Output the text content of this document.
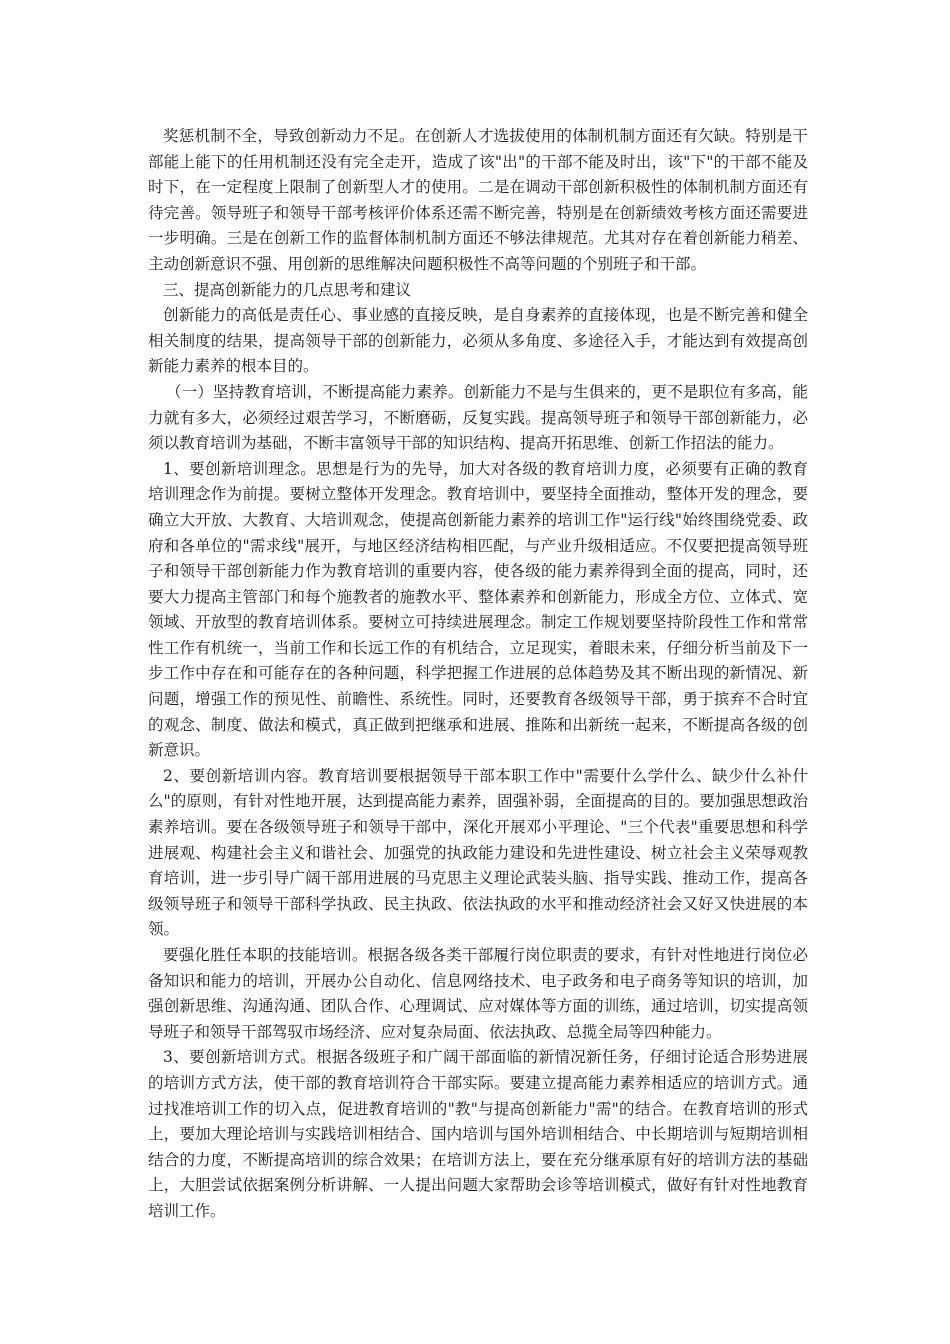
奖惩机制不全，导致创新动力不足。在创新人才选拔使用的体制机制方面还有欠缺。特别是干部能上能下的任用机制还没有完全走开，造成了该"出"的干部不能及时出，该"下"的干部不能及时下，在一定程度上限制了创新型人才的使用。二是在调动干部创新积极性的体制机制方面还有待完善。领导班子和领导干部考核评价体系还需不断完善，特别是在创新绩效考核方面还需要进一步明确。三是在创新工作的监督体制机制方面还不够法律规范。尤其对存在着创新能力稍差、主动创新意识不强、用创新的思维解决问题积极性不高等问题的个别班子和干部。

三、提高创新能力的几点思考和建议

创新能力的高低是责任心、事业感的直接反映，是自身素养的直接体现，也是不断完善和健全相关制度的结果，提高领导干部的创新能力，必须从多角度、多途径入手，才能达到有效提高创新能力素养的根本目的。

（一）坚持教育培训，不断提高能力素养。创新能力不是与生俱来的，更不是职位有多高，能力就有多大，必须经过艰苦学习，不断磨砺，反复实践。提高领导班子和领导干部创新能力，必须以教育培训为基础，不断丰富领导干部的知识结构、提高开拓思维、创新工作招法的能力。

1、要创新培训理念。思想是行为的先导，加大对各级的教育培训力度，必须要有正确的教育培训理念作为前提。要树立整体开发理念。教育培训中，要坚持全面推动，整体开发的理念，要确立大开放、大教育、大培训观念，使提高创新能力素养的培训工作"运行线"始终围绕党委、政府和各单位的"需求线"展开，与地区经济结构相匹配，与产业升级相适应。不仅要把提高领导班子和领导干部创新能力作为教育培训的重要内容，使各级的能力素养得到全面的提高，同时，还要大力提高主管部门和每个施教者的施教水平、整体素养和创新能力，形成全方位、立体式、宽领域、开放型的教育培训体系。要树立可持续进展理念。制定工作规划要坚持阶段性工作和常常性工作有机统一，当前工作和长远工作的有机结合，立足现实，着眼未来，仔细分析当前及下一步工作中存在和可能存在的各种问题，科学把握工作进展的总体趋势及其不断出现的新情况、新问题，增强工作的预见性、前瞻性、系统性。同时，还要教育各级领导干部，勇于摈弃不合时宜的观念、制度、做法和模式，真正做到把继承和进展、推陈和出新统一起来，不断提高各级的创新意识。

2、要创新培训内容。教育培训要根据领导干部本职工作中"需要什么学什么、缺少什么补什么"的原则，有针对性地开展，达到提高能力素养，固强补弱，全面提高的目的。要加强思想政治素养培训。要在各级领导班子和领导干部中，深化开展邓小平理论、"三个代表"重要思想和科学进展观、构建社会主义和谐社会、加强党的执政能力建设和先进性建设、树立社会主义荣辱观教育培训，进一步引导广阔干部用进展的马克思主义理论武装头脑、指导实践、推动工作，提高各级领导班子和领导干部科学执政、民主执政、依法执政的水平和推动经济社会又好又快进展的本领。

要强化胜任本职的技能培训。根据各级各类干部履行岗位职责的要求，有针对性地进行岗位必备知识和能力的培训，开展办公自动化、信息网络技术、电子政务和电子商务等知识的培训，加强创新思维、沟通沟通、团队合作、心理调试、应对媒体等方面的训练，通过培训，切实提高领导班子和领导干部驾驭市场经济、应对复杂局面、依法执政、总揽全局等四种能力。

3、要创新培训方式。根据各级班子和广阔干部面临的新情况新任务，仔细讨论适合形势进展的培训方式方法，使干部的教育培训符合干部实际。要建立提高能力素养相适应的培训方式。通过找准培训工作的切入点，促进教育培训的"教"与提高创新能力"需"的结合。在教育培训的形式上，要加大理论培训与实践培训相结合、国内培训与国外培训相结合、中长期培训与短期培训相结合的力度，不断提高培训的综合效果；在培训方法上，要在充分继承原有好的培训方法的基础上，大胆尝试依据案例分析讲解、一人提出问题大家帮助会诊等培训模式，做好有针对性地教育培训工作。
